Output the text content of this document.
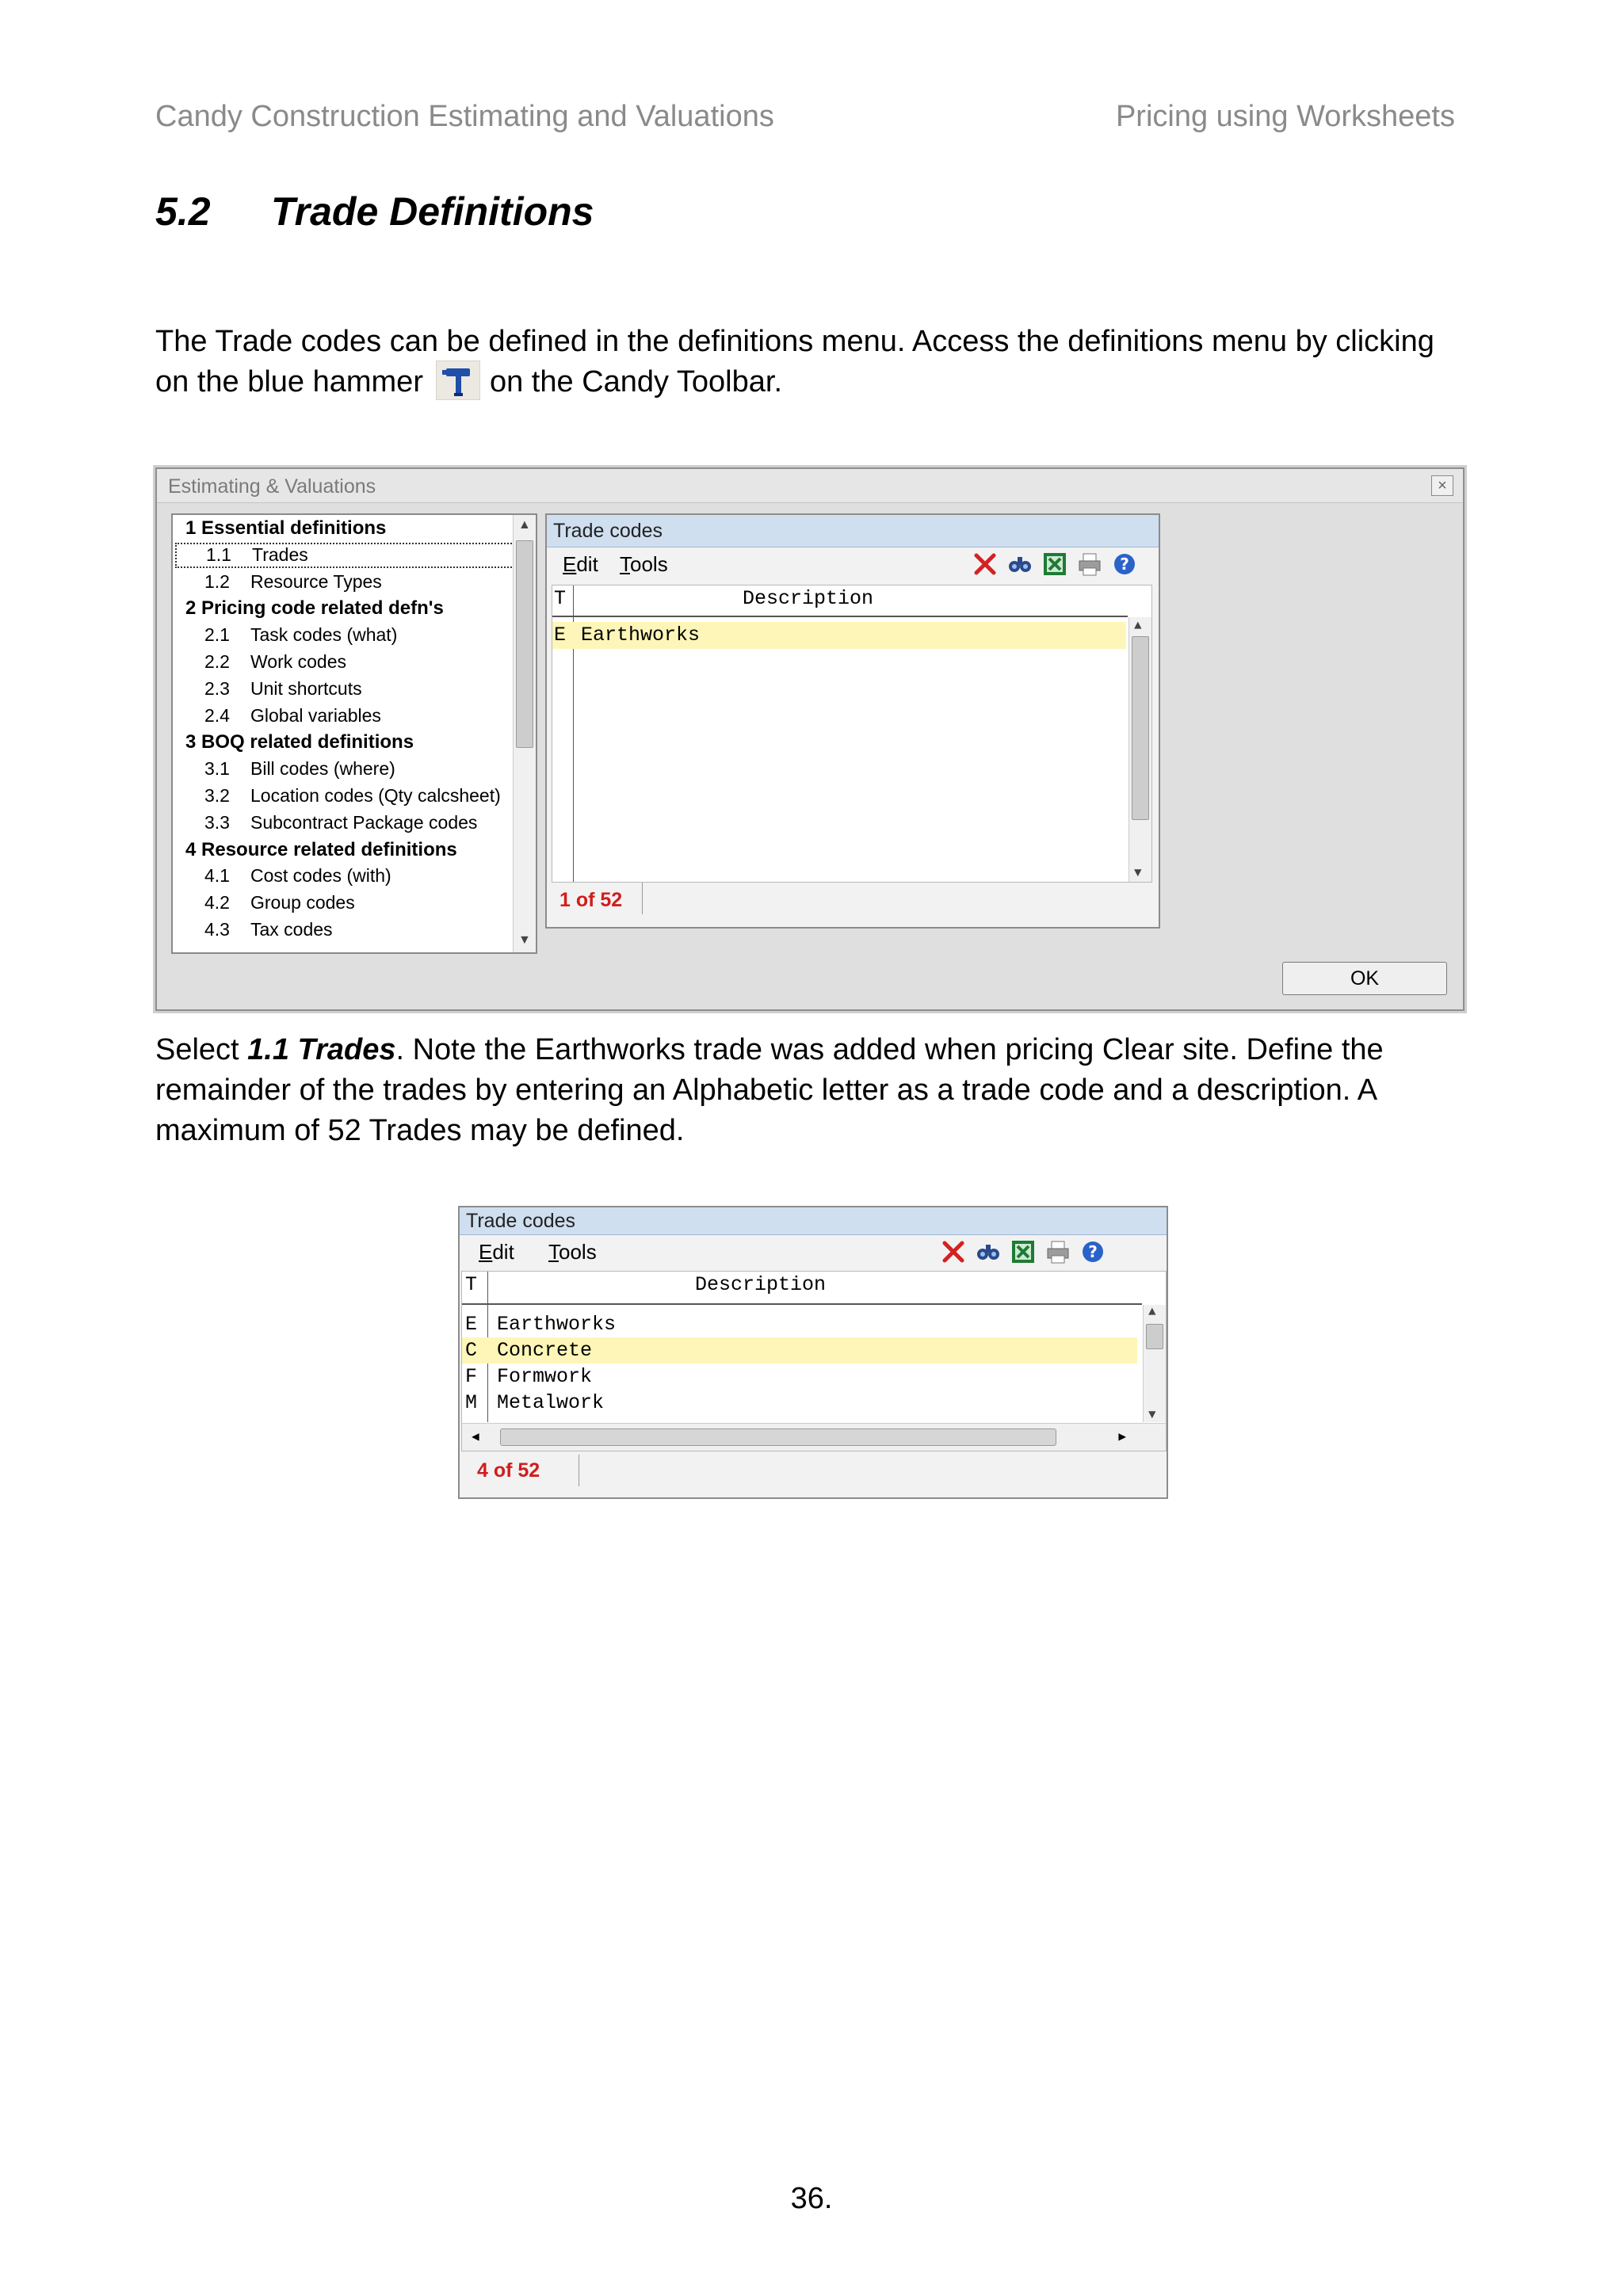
Candy Construction Estimating and Valuations	Pricing using Worksheets
5.2 Trade Definitions
The Trade codes can be defined in the definitions menu. Access the definitions menu by clicking
on the blue hammer on the Candy Toolbar.
Estimating & Valuations	×
1 Essential definitions
1.1 Trades
1.2 Resource Types
2 Pricing code related defn's
2.1 Task codes (what)
2.2 Work codes
2.3 Unit shortcuts
2.4 Global variables
3 BOQ related definitions
3.1 Bill codes (where)
3.2 Location codes (Qty calcsheet)
3.3 Subcontract Package codes
4 Resource related definitions
4.1 Cost codes (with)
4.2 Group codes
4.3 Tax codes
▲
▼
Trade codes
Edit Tools	?
T	Description
E Earthworks	▲
▼
1 of 52
OK
Select 1.1 Trades. Note the Earthworks trade was added when pricing Clear site. Define the remainder of the trades by entering an Alphabetic letter as a trade code and a description. A maximum of 52 Trades may be defined.
Trade codes
Edit Tools	?
T	Description
E Earthworks
C Concrete
F Formwork
M Metalwork
▲
▼
◀	▶
4 of 52
36.
